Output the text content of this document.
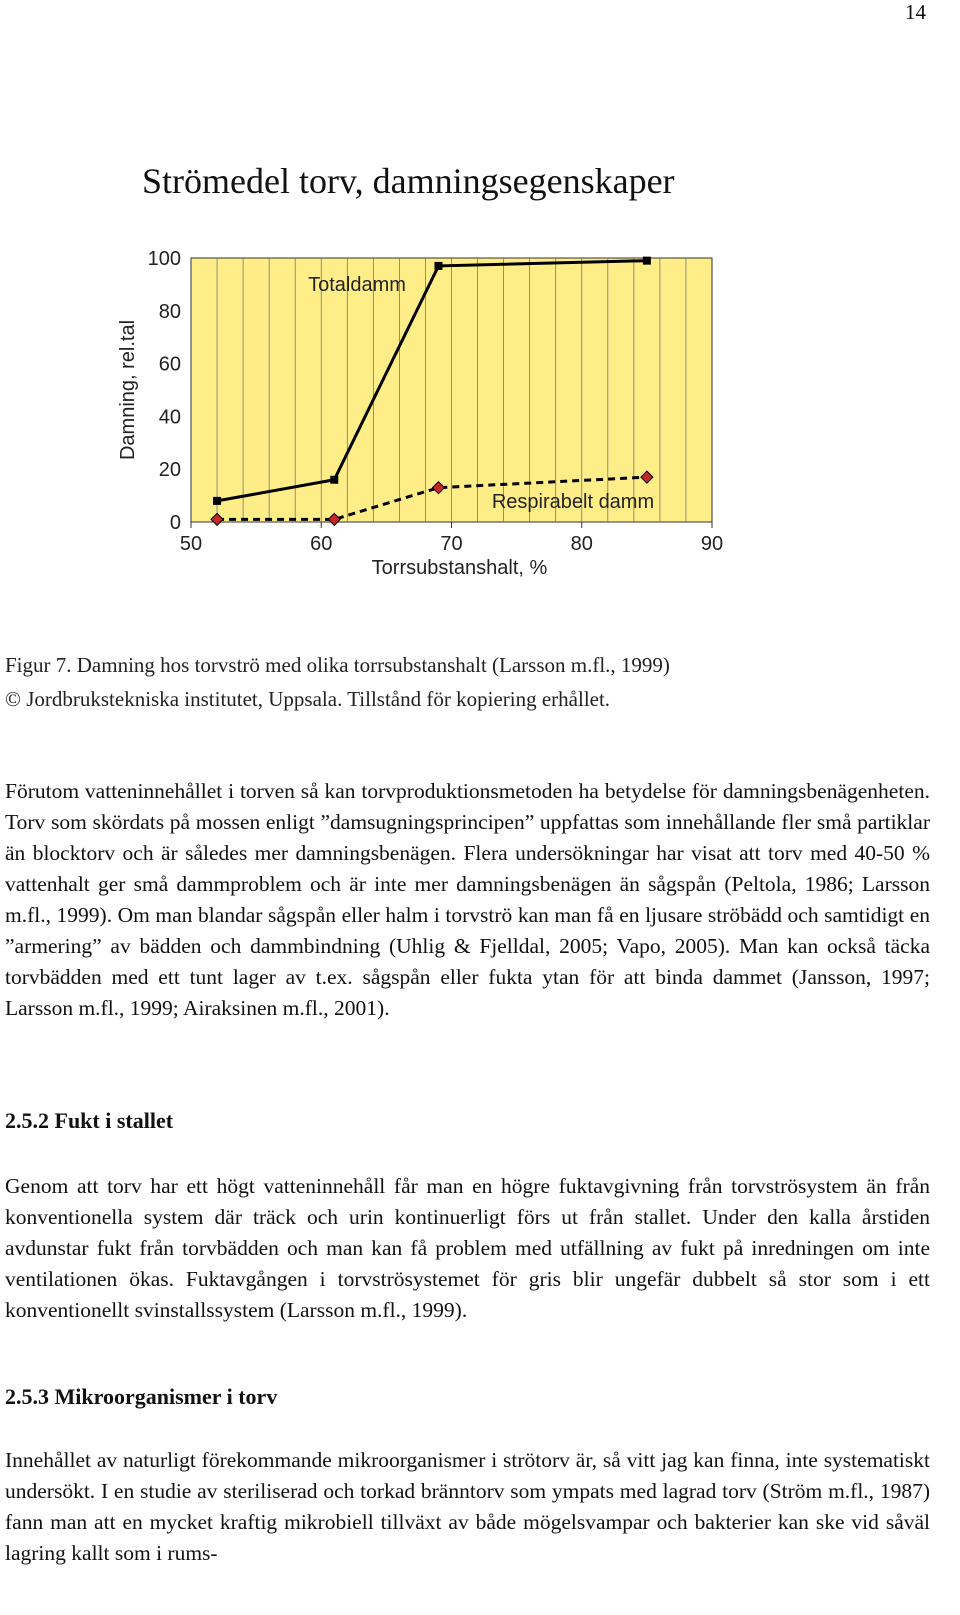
14
Strömedel torv, damningsegenskaper
50	60	70	80	90
0
20
40
60
80
100
Torrsubstanshalt, %
Damning, rel.tal
Totaldamm
Respirabelt damm

Figur 7. Damning hos torvströ med olika torrsubstanshalt (Larsson m.fl., 1999)

© Jordbrukstekniska institutet, Uppsala. Tillstånd för kopiering erhållet.

Förutom vatteninnehållet i torven så kan torvproduktionsmetoden ha betydelse för damningsbenägenheten. Torv som skördats på mossen enligt ”damsugningsprincipen” uppfattas som innehållande fler små partiklar än blocktorv och är således mer damningsbenägen. Flera undersökningar har visat att torv med 40-50 % vattenhalt ger små dammproblem och är inte mer damningsbenägen än sågspån (Peltola, 1986; Larsson m.fl., 1999). Om man blandar sågspån eller halm i torvströ kan man få en ljusare ströbädd och samtidigt en ”armering” av bädden och dammbindning (Uhlig & Fjelldal, 2005; Vapo, 2005). Man kan också täcka torvbädden med ett tunt lager av t.ex. sågspån eller fukta ytan för att binda dammet (Jansson, 1997; Larsson m.fl., 1999; Airaksinen m.fl., 2001).

2.5.2 Fukt i stallet

Genom att torv har ett högt vatteninnehåll får man en högre fuktavgivning från torvströsystem än från konventionella system där träck och urin kontinuerligt förs ut från stallet. Under den kalla årstiden avdunstar fukt från torvbädden och man kan få problem med utfällning av fukt på inredningen om inte ventilationen ökas. Fuktavgången i torvströsystemet för gris blir ungefär dubbelt så stor som i ett konventionellt svinstallssystem (Larsson m.fl., 1999).

2.5.3 Mikroorganismer i torv

Innehållet av naturligt förekommande mikroorganismer i strötorv är, så vitt jag kan finna, inte systematiskt undersökt. I en studie av steriliserad och torkad bränntorv som ympats med lagrad torv (Ström m.fl., 1987) fann man att en mycket kraftig mikrobiell tillväxt av både mögelsvampar och bakterier kan ske vid såväl lagring kallt som i rums-
